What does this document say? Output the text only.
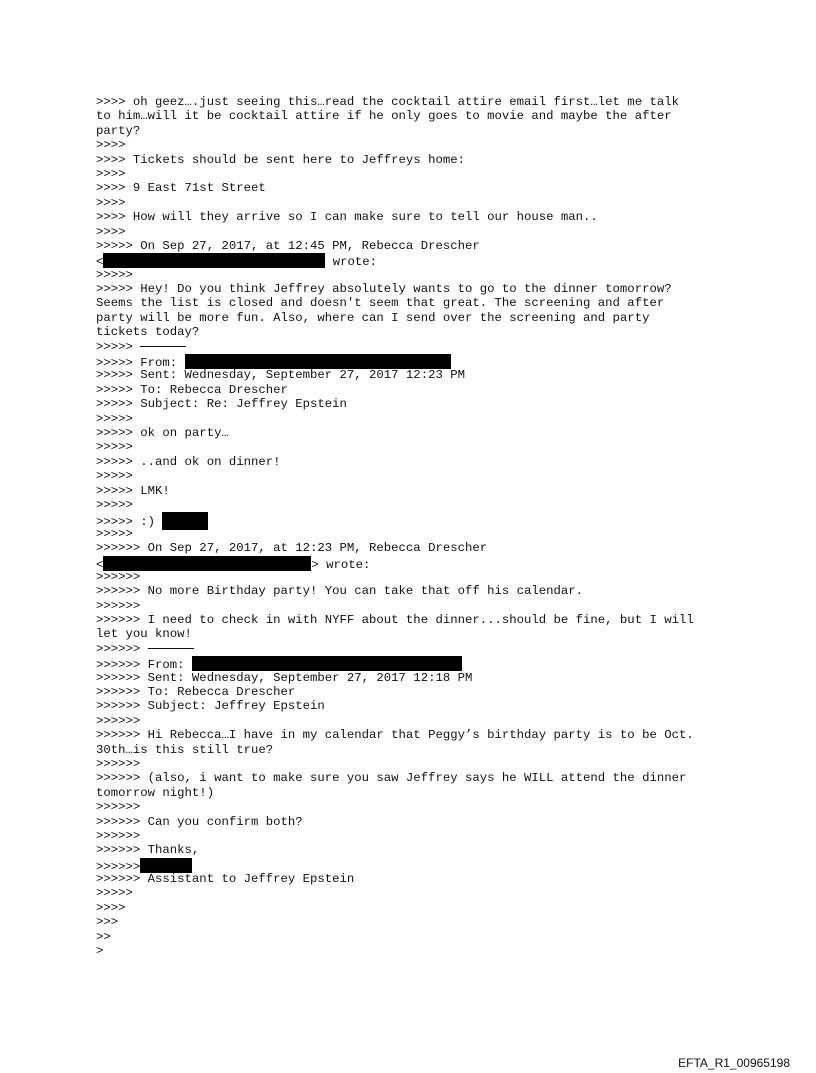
>>>> oh geez….just seeing this…read the cocktail attire email first…let me talk
to him…will it be cocktail attire if he only goes to movie and maybe the after
party?
>>>>
>>>> Tickets should be sent here to Jeffreys home:
>>>>
>>>> 9 East 71st Street
>>>>
>>>> How will they arrive so I can make sure to tell our house man..
>>>>
>>>>> On Sep 27, 2017, at 12:45 PM, Rebecca Drescher
<	wrote:
>>>>>
>>>>> Hey! Do you think Jeffrey absolutely wants to go to the dinner tomorrow?
Seems the list is closed and doesn't seem that great. The screening and after
party will be more fun. Also, where can I send over the screening and party
tickets today?
>>>>>
>>>>> From:
>>>>> Sent: Wednesday, September 27, 2017 12:23 PM
>>>>> To: Rebecca Drescher
>>>>> Subject: Re: Jeffrey Epstein
>>>>>
>>>>> ok on party…
>>>>>
>>>>> ..and ok on dinner!
>>>>>
>>>>> LMK!
>>>>>
>>>>> :)
>>>>>
>>>>>> On Sep 27, 2017, at 12:23 PM, Rebecca Drescher
<	> wrote:
>>>>>>
>>>>>> No more Birthday party! You can take that off his calendar.
>>>>>>
>>>>>> I need to check in with NYFF about the dinner...should be fine, but I will
let you know!
>>>>>>
>>>>>> From:
>>>>>> Sent: Wednesday, September 27, 2017 12:18 PM
>>>>>> To: Rebecca Drescher
>>>>>> Subject: Jeffrey Epstein
>>>>>>
>>>>>> Hi Rebecca…I have in my calendar that Peggy’s birthday party is to be Oct.
30th…is this still true?
>>>>>>
>>>>>> (also, i want to make sure you saw Jeffrey says he WILL attend the dinner
tomorrow night!)
>>>>>>
>>>>>> Can you confirm both?
>>>>>>
>>>>>> Thanks,
>>>>>>
>>>>>> Assistant to Jeffrey Epstein
>>>>>
>>>>
>>>
>>
>
EFTA_R1_00965198
